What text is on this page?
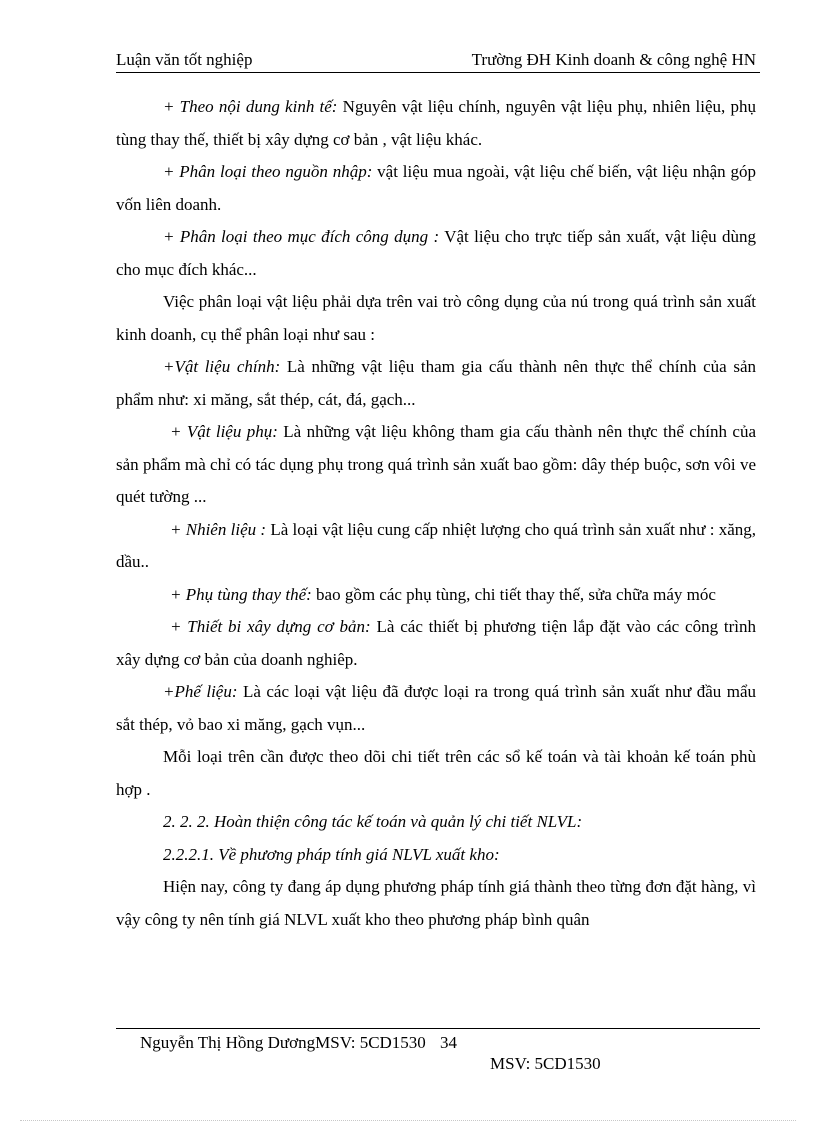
Luận văn tốt nghiệp	Trường ĐH Kinh doanh & công nghệ HN

+ Theo nội dung kinh tế: Nguyên vật liệu chính, nguyên vật liệu phụ, nhiên liệu, phụ tùng thay thế, thiết bị xây dựng cơ bản , vật liệu khác.

+ Phân loại theo nguồn nhập: vật liệu mua ngoài, vật liệu chế biến, vật liệu nhận góp vốn liên doanh.

+ Phân loại theo mục đích công dụng : Vật liệu cho trực tiếp sản xuất, vật liệu dùng cho mục đích khác...

Việc phân loại vật liệu phải dựa trên vai trò công dụng của nú trong quá trình sản xuất kinh doanh, cụ thể phân loại như sau :

+Vật liệu chính: Là những vật liệu tham gia cấu thành nên thực thể chính của sản phẩm như: xi măng, sắt thép, cát, đá, gạch...

+ Vật liệu phụ: Là những vật liệu không tham gia cấu thành nên thực thể chính của sản phẩm mà chỉ có tác dụng phụ trong quá trình sản xuất bao gồm: dây thép buộc, sơn vôi ve quét tường ...

+ Nhiên liệu : Là loại vật liệu cung cấp nhiệt lượng cho quá trình sản xuất như : xăng, dầu..

+ Phụ tùng thay thế: bao gồm các phụ tùng, chi tiết thay thế, sửa chữa máy móc

+ Thiết bi xây dựng cơ bản: Là các thiết bị phương tiện lắp đặt vào các công trình xây dựng cơ bản của doanh nghiêp.

+Phế liệu: Là các loại vật liệu đã được loại ra trong quá trình sản xuất như đầu mẩu sắt thép, vỏ bao xi măng, gạch vụn...

Mỗi loại trên cần được theo dõi chi tiết trên các sổ kế toán và tài khoản kế toán phù hợp .

2. 2. 2. Hoàn thiện công tác kế toán và quản lý chi tiết NLVL:

2.2.2.1. Về phương pháp tính giá NLVL xuất kho:

Hiện nay, công ty đang áp dụng phương pháp tính giá thành theo từng đơn đặt hàng, vì vậy công ty nên tính giá NLVL xuất kho theo phương pháp bình quân

Nguyễn Thị Hồng DươngMSV: 5CD1530 34
MSV: 5CD1530
